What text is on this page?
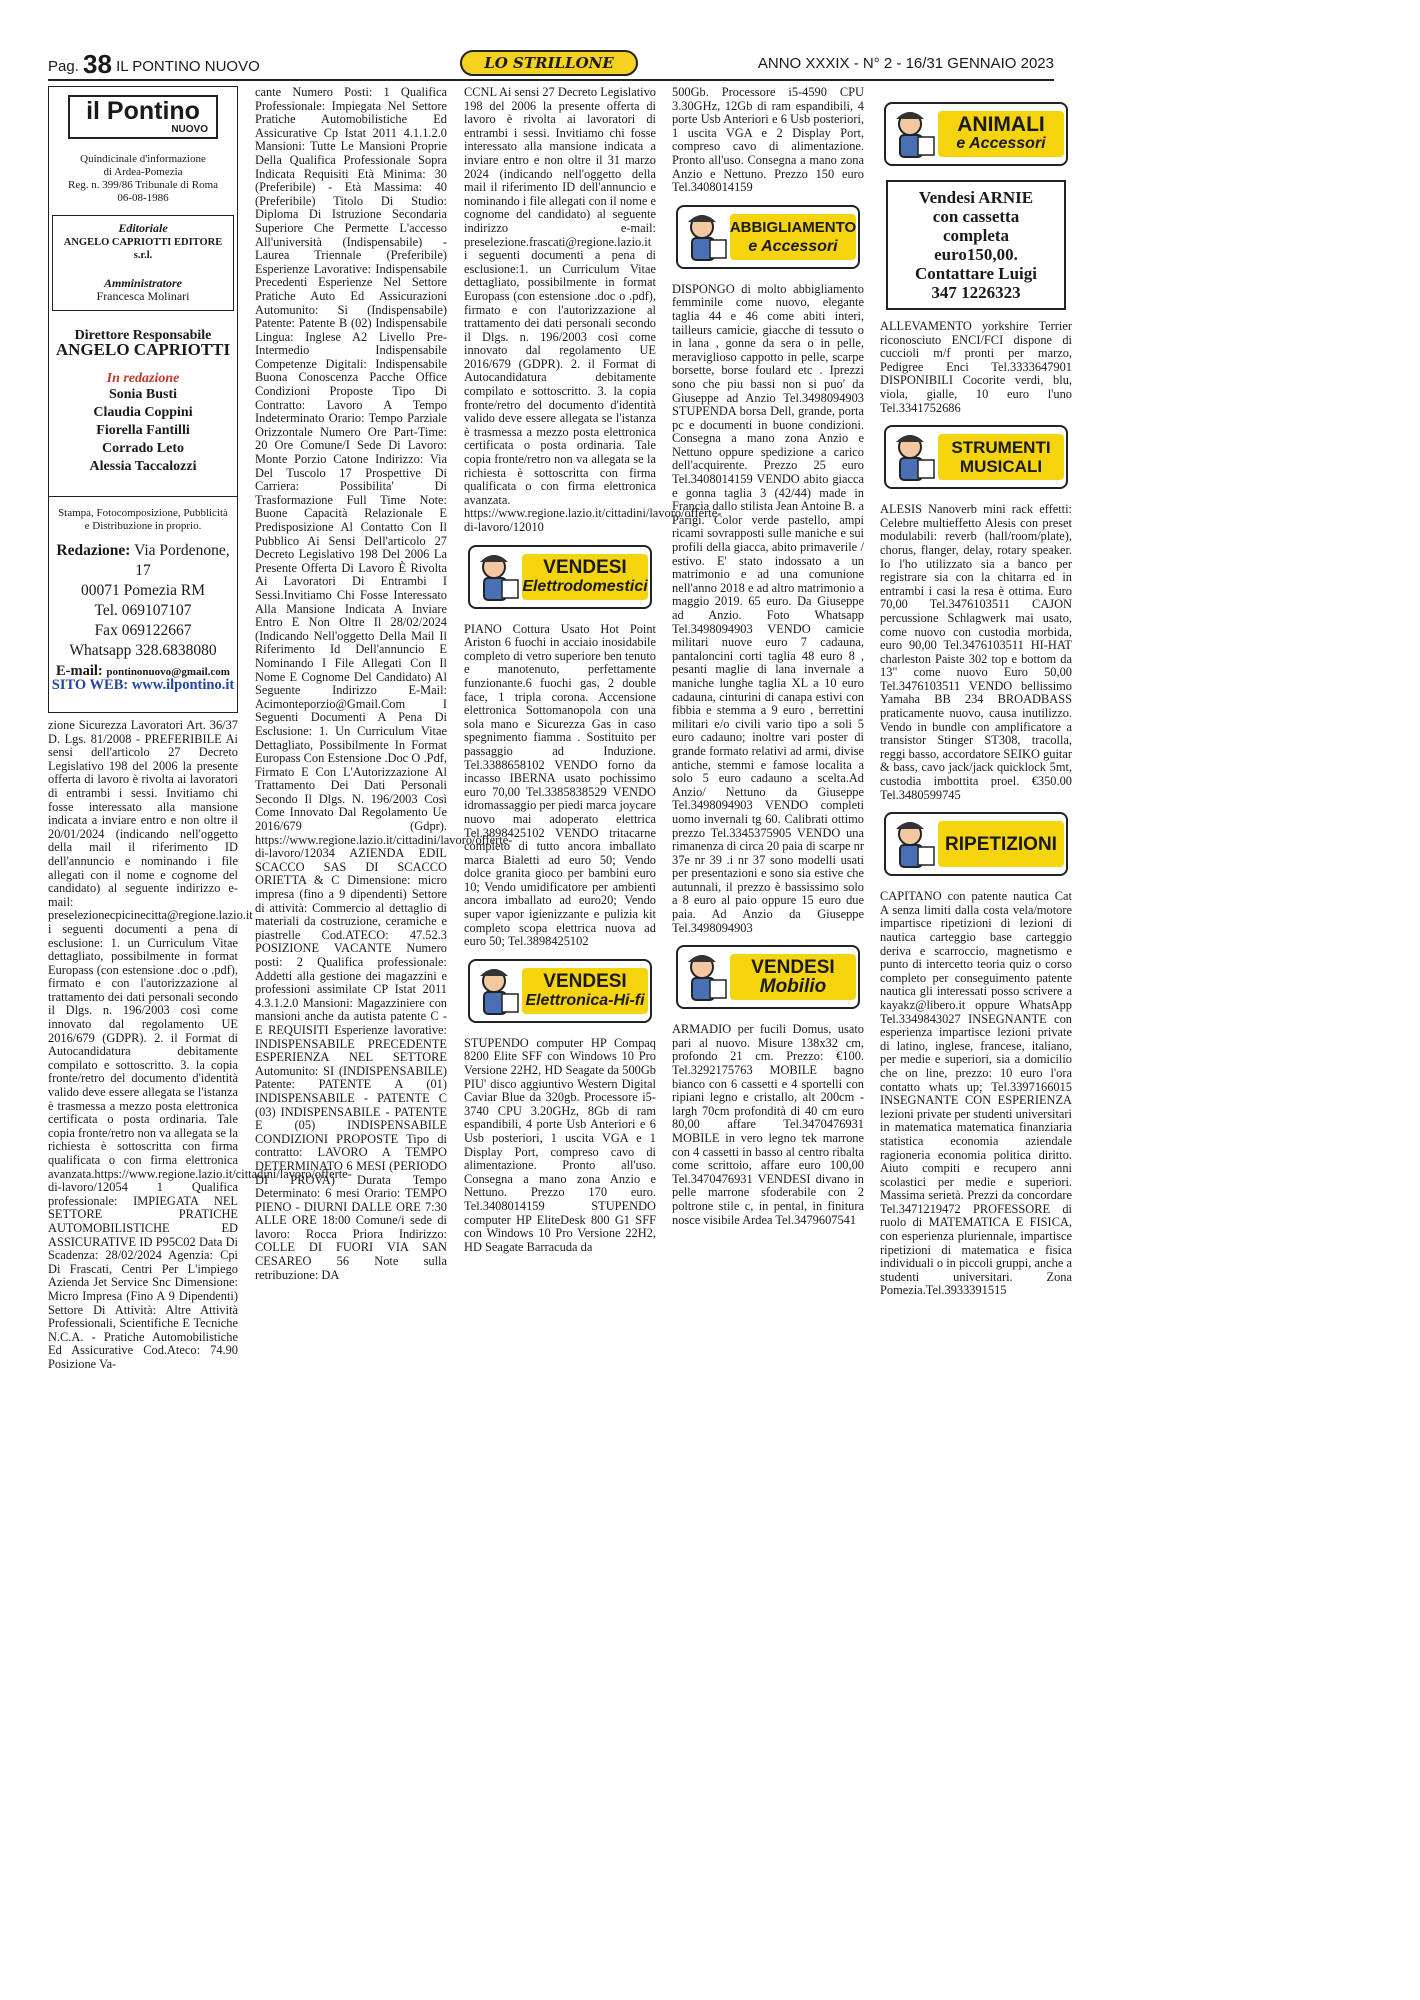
Pag. 38 IL PONTINO NUOVO	LO STRILLONE	ANNO XXXIX - N° 2 - 16/31 GENNAIO 2023
il Pontino
NUOVO
Quindicinale d'informazione
di Ardea-Pomezia
Reg. n. 399/86 Tribunale di Roma
06-08-1986
Editoriale
ANGELO CAPRIOTTI EDITORE s.r.l.
Amministratore
Francesca Molinari
Direttore Responsabile
ANGELO CAPRIOTTI
In redazione
Sonia Busti
Claudia Coppini
Fiorella Fantilli
Corrado Leto
Alessia Taccalozzi
Stampa, Fotocomposizione, Pubblicità
e Distribuzione in proprio.
Redazione: Via Pordenone, 17
00071 Pomezia RM
Tel. 069107107
Fax 069122667
Whatsapp 328.6838080
E-mail: pontinonuovo@gmail.com
SITO WEB: www.ilpontino.it

zione Sicurezza Lavoratori Art. 36/37 D. Lgs. 81/2008 - PREFERIBILE Ai sensi dell'articolo 27 Decreto Legislativo 198 del 2006 la presente offerta di lavoro è rivolta ai lavoratori di entrambi i sessi. Invitiamo chi fosse interessato alla mansione indicata a inviare entro e non oltre il 20/01/2024 (indicando nell'oggetto della mail il riferimento ID dell'annuncio e nominando i file allegati con il nome e cognome del candidato) al seguente indirizzo e-mail: preselezionecpicinecitta@regione.lazio.it i seguenti documenti a pena di esclusione: 1. un Curriculum Vitae dettagliato, possibilmente in format Europass (con estensione .doc o .pdf), firmato e con l'autorizzazione al trattamento dei dati personali secondo il Dlgs. n. 196/2003 così come innovato dal regolamento UE 2016/679 (GDPR). 2. il Format di Autocandidatura debitamente compilato e sottoscritto. 3. la copia fronte/retro del documento d'identità valido deve essere allegata se l'istanza è trasmessa a mezzo posta elettronica certificata o posta ordinaria. Tale copia fronte/retro non va allegata se la richiesta è sottoscritta con firma qualificata o con firma elettronica avanzata.https://www.regione.lazio.it/cittadini/lavoro/offerte-di-lavoro/12054 1 Qualifica professionale: IMPIEGATA NEL SETTORE PRATICHE AUTOMOBILISTICHE ED ASSICURATIVE ID P95C02 Data Di Scadenza: 28/02/2024 Agenzia: Cpi Di Frascati, Centri Per L'impiego Azienda Jet Service Snc Dimensione: Micro Impresa (Fino A 9 Dipendenti) Settore Di Attività: Altre Attività Professionali, Scientifiche E Tecniche N.C.A. - Pratiche Automobilistiche Ed Assicurative Cod.Ateco: 74.90 Posizione Va-

cante Numero Posti: 1 Qualifica Professionale: Impiegata Nel Settore Pratiche Automobilistiche Ed Assicurative Cp Istat 2011 4.1.1.2.0 Mansioni: Tutte Le Mansioni Proprie Della Qualifica Professionale Sopra Indicata Requisiti Età Minima: 30 (Preferibile) - Età Massima: 40 (Preferibile) Titolo Di Studio: Diploma Di Istruzione Secondaria Superiore Che Permette L'accesso All'università (Indispensabile) - Laurea Triennale (Preferibile) Esperienze Lavorative: Indispensabile Precedenti Esperienze Nel Settore Pratiche Auto Ed Assicurazioni Automunito: Si (Indispensabile) Patente: Patente B (02) Indispensabile Lingua: Inglese A2 Livello Pre-Intermedio Indispensabile Competenze Digitali: Indispensabile Buona Conoscenza Pacche Office Condizioni Proposte Tipo Di Contratto: Lavoro A Tempo Indeterminato Orario: Tempo Parziale Orizzontale Numero Ore Part-Time: 20 Ore Comune/I Sede Di Lavoro: Monte Porzio Catone Indirizzo: Via Del Tuscolo 17 Prospettive Di Carriera: Possibilita' Di Trasformazione Full Time Note: Buone Capacità Relazionale E Predisposizione Al Contatto Con Il Pubblico Ai Sensi Dell'articolo 27 Decreto Legislativo 198 Del 2006 La Presente Offerta Di Lavoro È Rivolta Ai Lavoratori Di Entrambi I Sessi.Invitiamo Chi Fosse Interessato Alla Mansione Indicata A Inviare Entro E Non Oltre Il 28/02/2024 (Indicando Nell'oggetto Della Mail Il Riferimento Id Dell'annuncio E Nominando I File Allegati Con Il Nome E Cognome Del Candidato) Al Seguente Indirizzo E-Mail: Acimonteporzio@Gmail.Com I Seguenti Documenti A Pena Di Esclusione: 1. Un Curriculum Vitae Dettagliato, Possibilmente In Format Europass Con Estensione .Doc O .Pdf, Firmato E Con L'Autorizzazione Al Trattamento Dei Dati Personali Secondo Il Dlgs. N. 196/2003 Così Come Innovato Dal Regolamento Ue 2016/679 (Gdpr). https://www.regione.lazio.it/cittadini/lavoro/offerte-di-lavoro/12034 AZIENDA EDIL SCACCO SAS DI SCACCO ORIETTA & C Dimensione: micro impresa (fino a 9 dipendenti) Settore di attività: Commercio al dettaglio di materiali da costruzione, ceramiche e piastrelle Cod.ATECO: 47.52.3 POSIZIONE VACANTE Numero posti: 2 Qualifica professionale: Addetti alla gestione dei magazzini e professioni assimilate CP Istat 2011 4.3.1.2.0 Mansioni: Magazziniere con mansioni anche da autista patente C - E REQUISITI Esperienze lavorative: INDISPENSABILE PRECEDENTE ESPERIENZA NEL SETTORE Automunito: SI (INDISPENSABILE) Patente: PATENTE A (01) INDISPENSABILE - PATENTE C (03) INDISPENSABILE - PATENTE E (05) INDISPENSABILE CONDIZIONI PROPOSTE Tipo di contratto: LAVORO A TEMPO DETERMINATO 6 MESI (PERIODO DI PROVA) Durata Tempo Determinato: 6 mesi Orario: TEMPO PIENO - DIURNI DALLE ORE 7:30 ALLE ORE 18:00 Comune/i sede di lavoro: Rocca Priora Indirizzo: COLLE DI FUORI VIA SAN CESAREO 56 Note sulla retribuzione: DA

CCNL Ai sensi 27 Decreto Legislativo 198 del 2006 la presente offerta di lavoro è rivolta ai lavoratori di entrambi i sessi. Invitiamo chi fosse interessato alla mansione indicata a inviare entro e non oltre il 31 marzo 2024 (indicando nell'oggetto della mail il riferimento ID dell'annuncio e nominando i file allegati con il nome e cognome del candidato) al seguente indirizzo e-mail: preselezione.frascati@regione.lazio.it i seguenti documenti a pena di esclusione:1. un Curriculum Vitae dettagliato, possibilmente in format Europass (con estensione .doc o .pdf), firmato e con l'autorizzazione al trattamento dei dati personali secondo il Dlgs. n. 196/2003 così come innovato dal regolamento UE 2016/679 (GDPR). 2. il Format di Autocandidatura debitamente compilato e sottoscritto. 3. la copia fronte/retro del documento d'identità valido deve essere allegata se l'istanza è trasmessa a mezzo posta elettronica certificata o posta ordinaria. Tale copia fronte/retro non va allegata se la richiesta è sottoscritta con firma qualificata o con firma elettronica avanzata. https://www.regione.lazio.it/cittadini/lavoro/offerte-di-lavoro/12010

VENDESI
Elettrodomestici

PIANO Cottura Usato Hot Point Ariston 6 fuochi in acciaio inosidabile completo di vetro superiore ben tenuto e manotenuto, perfettamente funzionante.6 fuochi gas, 2 double face, 1 tripla corona. Accensione elettronica Sottomanopola con una sola mano e Sicurezza Gas in caso spegnimento fiamma . Sostituito per passaggio ad Induzione. Tel.3388658102 VENDO forno da incasso IBERNA usato pochissimo euro 70,00 Tel.3385838529 VENDO idromassaggio per piedi marca joycare nuovo mai adoperato elettrica Tel.3898425102 VENDO tritacarne completo di tutto ancora imballato marca Bialetti ad euro 50; Vendo dolce granita gioco per bambini euro 10; Vendo umidificatore per ambienti ancora imballato ad euro20; Vendo super vapor igienizzante e pulizia kit completo scopa elettrica nuova ad euro 50; Tel.3898425102

VENDESI
Elettronica-Hi-fi

STUPENDO computer HP Compaq 8200 Elite SFF con Windows 10 Pro Versione 22H2, HD Seagate da 500Gb PIU' disco aggiuntivo Western Digital Caviar Blue da 320gb. Processore i5-3740 CPU 3.20GHz, 8Gb di ram espandibili, 4 porte Usb Anteriori e 6 Usb posteriori, 1 uscita VGA e 1 Display Port, compreso cavo di alimentazione. Pronto all'uso. Consegna a mano zona Anzio e Nettuno. Prezzo 170 euro. Tel.3408014159 STUPENDO computer HP EliteDesk 800 G1 SFF con Windows 10 Pro Versione 22H2, HD Seagate Barracuda da

500Gb. Processore i5-4590 CPU 3.30GHz, 12Gb di ram espandibili, 4 porte Usb Anteriori e 6 Usb posteriori, 1 uscita VGA e 2 Display Port, compreso cavo di alimentazione. Pronto all'uso. Consegna a mano zona Anzio e Nettuno. Prezzo 150 euro Tel.3408014159

ABBIGLIAMENTO
e Accessori

DISPONGO di molto abbigliamento femminile come nuovo, elegante taglia 44 e 46 come abiti interi, tailleurs camicie, giacche di tessuto o in lana , gonne da sera o in pelle, meraviglioso cappotto in pelle, scarpe borsette, borse foulard etc . Iprezzi sono che piu bassi non si puo' da Giuseppe ad Anzio Tel.3498094903 STUPENDA borsa Dell, grande, porta pc e documenti in buone condizioni. Consegna a mano zona Anzio e Nettuno oppure spedizione a carico dell'acquirente. Prezzo 25 euro Tel.3408014159 VENDO abito giacca e gonna taglia 3 (42/44) made in Francia dallo stilista Jean Antoine B. a Parigi. Color verde pastello, ampi ricami sovrapposti sulle maniche e sui profili della giacca, abito primaverile / estivo. E' stato indossato a un matrimonio e ad una comunione nell'anno 2018 e ad altro matrimonio a maggio 2019. 65 euro. Da Giuseppe ad Anzio. Foto Whatsapp Tel.3498094903 VENDO camicie militari nuove euro 7 cadauna, pantaloncini corti taglia 48 euro 8 , pesanti maglie di lana invernale a maniche lunghe taglia XL a 10 euro cadauna, cinturini di canapa estivi con fibbia e stemma a 9 euro , berrettini militari e/o civili vario tipo a soli 5 euro cadauno; inoltre vari poster di grande formato relativi ad armi, divise antiche, stemmi e famose localita a solo 5 euro cadauno a scelta.Ad Anzio/ Nettuno da Giuseppe Tel.3498094903 VENDO completi uomo invernali tg 60. Calibrati ottimo prezzo Tel.3345375905 VENDO una rimanenza di circa 20 paia di scarpe nr 37e nr 39 .i nr 37 sono modelli usati per presentazioni e sono sia estive che autunnali, il prezzo è bassissimo solo a 8 euro al paio oppure 15 euro due paia. Ad Anzio da Giuseppe Tel.3498094903

VENDESI
Mobilio

ARMADIO per fucili Domus, usato pari al nuovo. Misure 138x32 cm, profondo 21 cm. Prezzo: €100. Tel.3292175763 MOBILE bagno bianco con 6 cassetti e 4 sportelli con ripiani legno e cristallo, alt 200cm - largh 70cm profondità di 40 cm euro 80,00 affare Tel.3470476931 MOBILE in vero legno tek marrone con 4 cassetti in basso al centro ribalta come scrittoio, affare euro 100,00 Tel.3470476931 VENDESI divano in pelle marrone sfoderabile con 2 poltrone stile c, in pental, in finitura nosce visibile Ardea Tel.3479607541

ANIMALI
e Accessori
Vendesi ARNIE
con cassetta
completa
euro150,00.
Contattare Luigi
347 1226323

ALLEVAMENTO yorkshire Terrier riconosciuto ENCI/FCI dispone di cuccioli m/f pronti per marzo, Pedigree Enci Tel.3333647901 DISPONIBILI Cocorite verdi, blu, viola, gialle, 10 euro l'uno Tel.3341752686

STRUMENTI
MUSICALI

ALESIS Nanoverb mini rack effetti: Celebre multieffetto Alesis con preset modulabili: reverb (hall/room/plate), chorus, flanger, delay, rotary speaker. Io l'ho utilizzato sia a banco per registrare sia con la chitarra ed in entrambi i casi la resa è ottima. Euro 70,00 Tel.3476103511 CAJON percussione Schlagwerk mai usato, come nuovo con custodia morbida, euro 90,00 Tel.3476103511 HI-HAT charleston Paiste 302 top e bottom da 13" come nuovo Euro 50,00 Tel.3476103511 VENDO bellissimo Yamaha BB 234 BROADBASS praticamente nuovo, causa inutilizzo. Vendo in bundle con amplificatore a transistor Stinger ST308, tracolla, reggi basso, accordatore SEIKO guitar & bass, cavo jack/jack quicklock 5mt, custodia imbottita proel. €350.00 Tel.3480599745

RIPETIZIONI

CAPITANO con patente nautica Cat A senza limiti dalla costa vela/motore impartisce ripetizioni di lezioni di nautica carteggio base carteggio deriva e scarroccio, magnetismo e punto di intercetto teoria quiz o corso completo per conseguimento patente nautica gli interessati posso scrivere a kayakz@libero.it oppure WhatsApp Tel.3349843027 INSEGNANTE con esperienza impartisce lezioni private di latino, inglese, francese, italiano, per medie e superiori, sia a domicilio che on line, prezzo: 10 euro l'ora contatto whats up; Tel.3397166015 INSEGNANTE CON ESPERIENZA lezioni private per studenti universitari in matematica matematica finanziaria statistica economia aziendale ragioneria economia politica diritto. Aiuto compiti e recupero anni scolastici per medie e superiori. Massima serietà. Prezzi da concordare Tel.3471219472 PROFESSORE di ruolo di MATEMATICA E FISICA, con esperienza pluriennale, impartisce ripetizioni di matematica e fisica individuali o in piccoli gruppi, anche a studenti universitari. Zona Pomezia.Tel.3933391515
